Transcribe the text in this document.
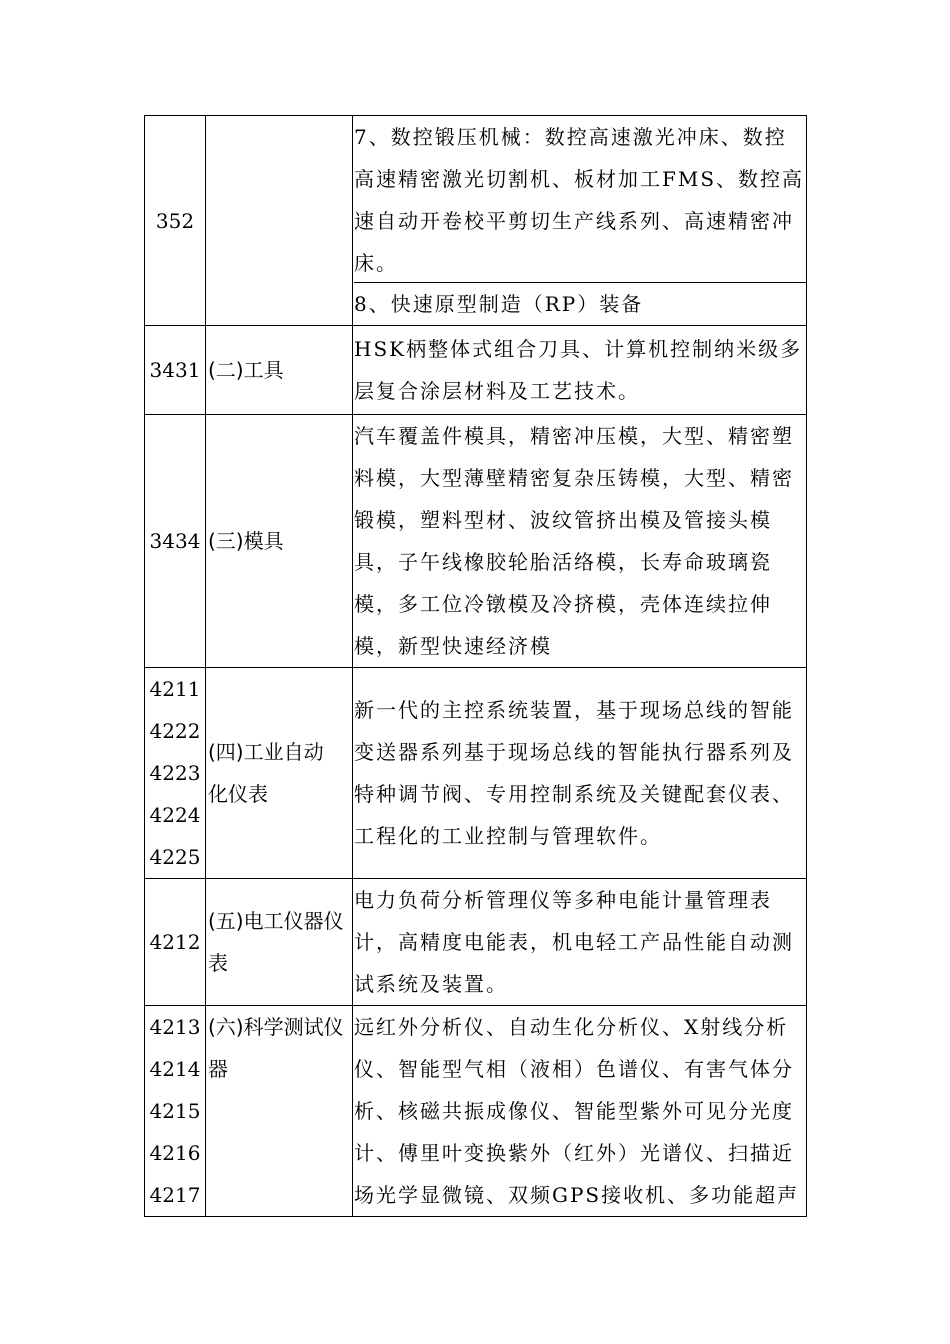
352		7、数控锻压机械：数控高速激光冲床、数控高速精密激光切割机、板材加工FMS、数控高速自动开卷校平剪切生产线系列、高速精密冲床。
8、快速原型制造（RP）装备

3431	(二)工具	HSK柄整体式组合刀具、计算机控制纳米级多层复合涂层材料及工艺技术。
3434	(三)模具	汽车覆盖件模具，精密冲压模，大型、精密塑料模，大型薄壁精密复杂压铸模，大型、精密锻模，塑料型材、波纹管挤出模及管接头模具，子午线橡胶轮胎活络模，长寿命玻璃瓷模，多工位冷镦模及冷挤模，壳体连续拉伸模，新型快速经济模

4211
4222
4223
4224
4225	(四)工业自动化仪表	新一代的主控系统装置，基于现场总线的智能变送器系列基于现场总线的智能执行器系列及特种调节阀、专用控制系统及关键配套仪表、工程化的工业控制与管理软件。
4212	(五)电工仪器仪表	电力负荷分析管理仪等多种电能计量管理表计，高精度电能表，机电轻工产品性能自动测试系统及装置。

4213
4214
4215
4216
4217	(六)科学测试仪器	远红外分析仪、自动生化分析仪、X射线分析仪、智能型气相（液相）色谱仪、有害气体分析、核磁共振成像仪、智能型紫外可见分光度计、傅里叶变换紫外（红外）光谱仪、扫描近场光学显微镜、双频GPS接收机、多功能超声
